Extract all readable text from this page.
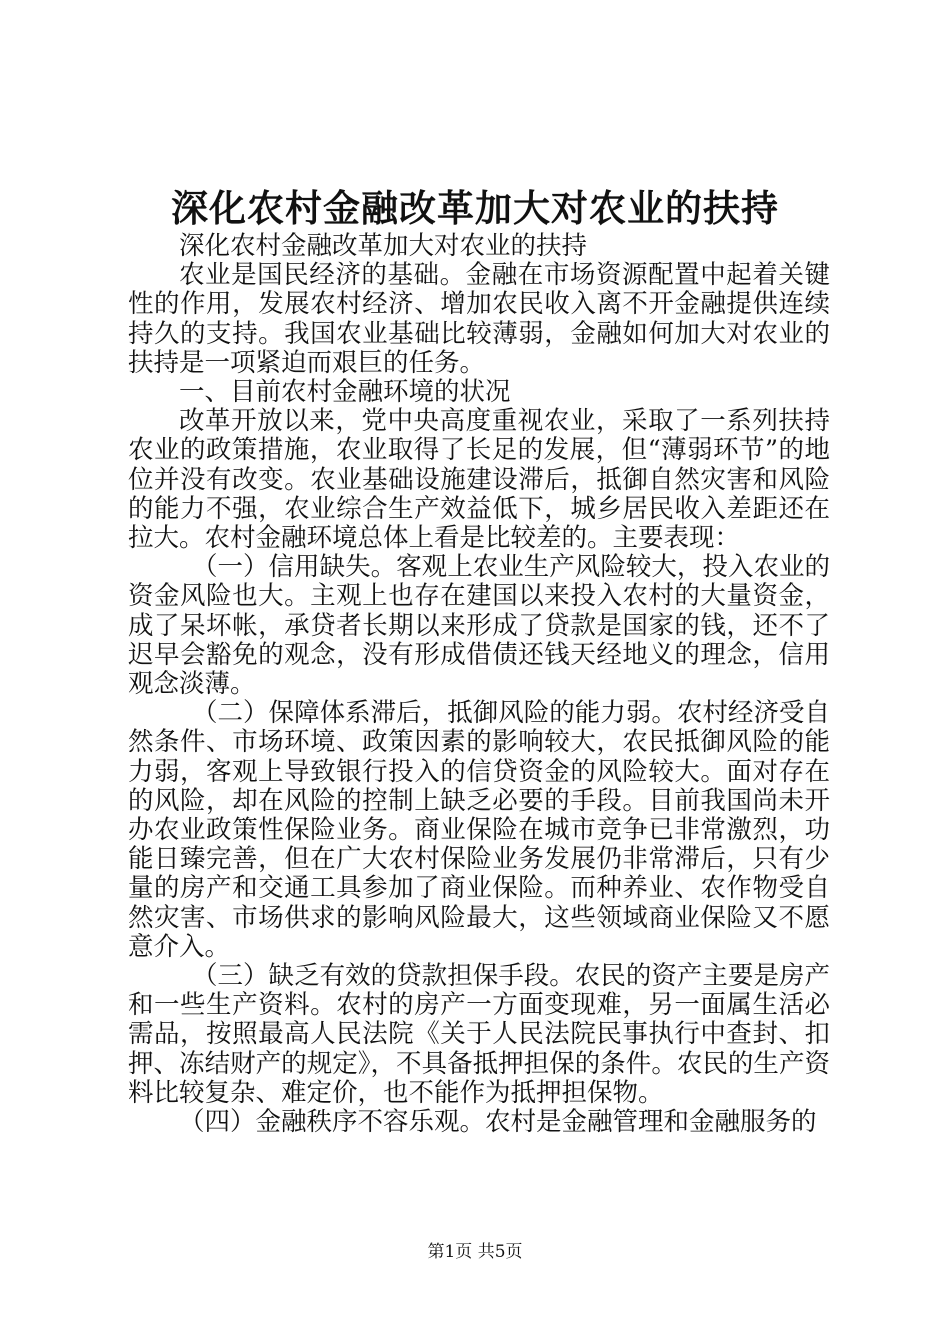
深化农村金融改革加大对农业的扶持

深化农村金融改革加大对农业的扶持

农业是国民经济的基础。金融在市场资源配置中起着关键性的作用，发展农村经济、增加农民收入离不开金融提供连续持久的支持。我国农业基础比较薄弱，金融如何加大对农业的扶持是一项紧迫而艰巨的任务。

一、目前农村金融环境的状况

改革开放以来，党中央高度重视农业，采取了一系列扶持农业的政策措施，农业取得了长足的发展，但“薄弱环节”的地位并没有改变。农业基础设施建设滞后，抵御自然灾害和风险的能力不强，农业综合生产效益低下，城乡居民收入差距还在拉大。农村金融环境总体上看是比较差的。主要表现：

（一）信用缺失。客观上农业生产风险较大，投入农业的资金风险也大。主观上也存在建国以来投入农村的大量资金，成了呆坏帐，承贷者长期以来形成了贷款是国家的钱，还不了迟早会豁免的观念，没有形成借债还钱天经地义的理念，信用观念淡薄。

（二）保障体系滞后，抵御风险的能力弱。农村经济受自然条件、市场环境、政策因素的影响较大，农民抵御风险的能力弱，客观上导致银行投入的信贷资金的风险较大。面对存在的风险，却在风险的控制上缺乏必要的手段。目前我国尚未开办农业政策性保险业务。商业保险在城市竞争已非常激烈，功能日臻完善，但在广大农村保险业务发展仍非常滞后，只有少量的房产和交通工具参加了商业保险。而种养业、农作物受自然灾害、市场供求的影响风险最大，这些领域商业保险又不愿意介入。

（三）缺乏有效的贷款担保手段。农民的资产主要是房产和一些生产资料。农村的房产一方面变现难，另一面属生活必需品，按照最高人民法院《关于人民法院民事执行中查封、扣押、冻结财产的规定》，不具备抵押担保的条件。农民的生产资料比较复杂、难定价，也不能作为抵押担保物。

（四）金融秩序不容乐观。农村是金融管理和金融服务的

第1页 共5页
